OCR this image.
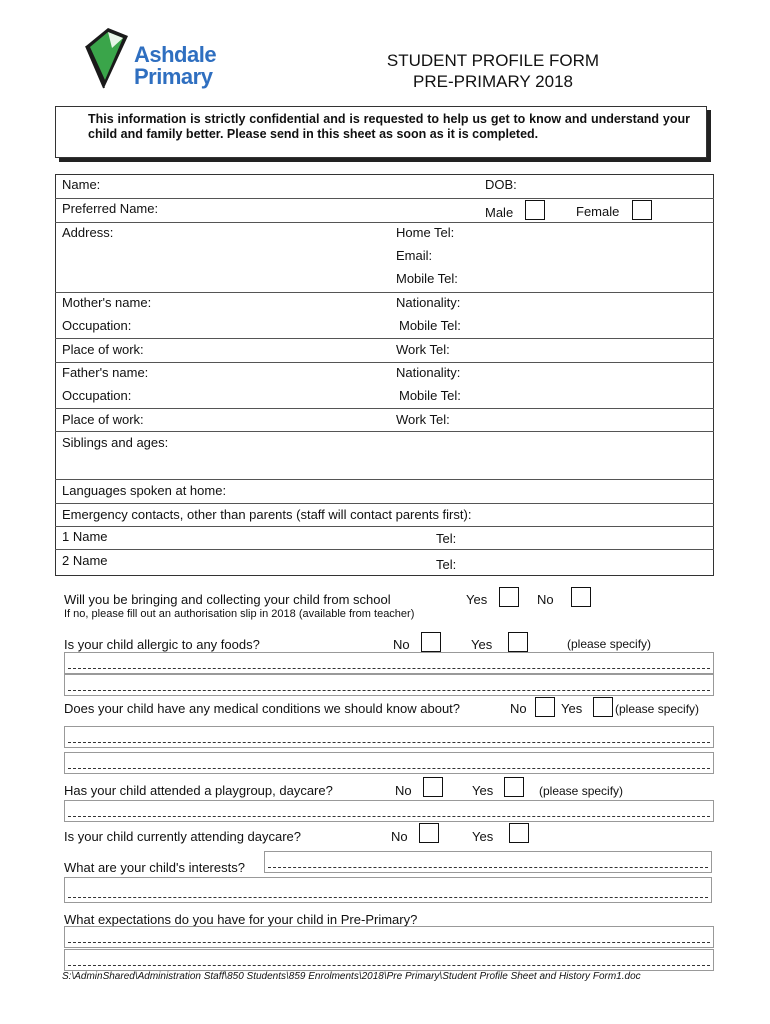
Ashdale
Primary
STUDENT PROFILE FORM
PRE-PRIMARY 2018
This information is strictly confidential and is requested to help us get to know and understand your child and family better. Please send in this sheet as soon as it is completed.
Name:	DOB:
Preferred Name:	Male	Female
Address:	Home Tel:
Email:
Mobile Tel:
Mother's name:	Nationality:
Occupation:	Mobile Tel:
Place of work:	Work Tel:
Father's name:	Nationality:
Occupation:	Mobile Tel:
Place of work:	Work Tel:
Siblings and ages:
Languages spoken at home:
Emergency contacts, other than parents (staff will contact parents first):
1 Name	Tel:
2 Name	Tel:
Will you be bringing and collecting your child from school	Yes	No
If no, please fill out an authorisation slip in 2018 (available from teacher)
Is your child allergic to any foods?	No	Yes	(please specify)
Does your child have any medical conditions we should know about?	No	Yes	(please specify)
Has your child attended a playgroup, daycare?	No	Yes	(please specify)
Is your child currently attending daycare?	No	Yes
What are your child's interests?
What expectations do you have for your child in Pre-Primary?
S:\AdminShared\Administration Staff\850 Students\859 Enrolments\2018\Pre Primary\Student Profile Sheet and History Form1.doc
